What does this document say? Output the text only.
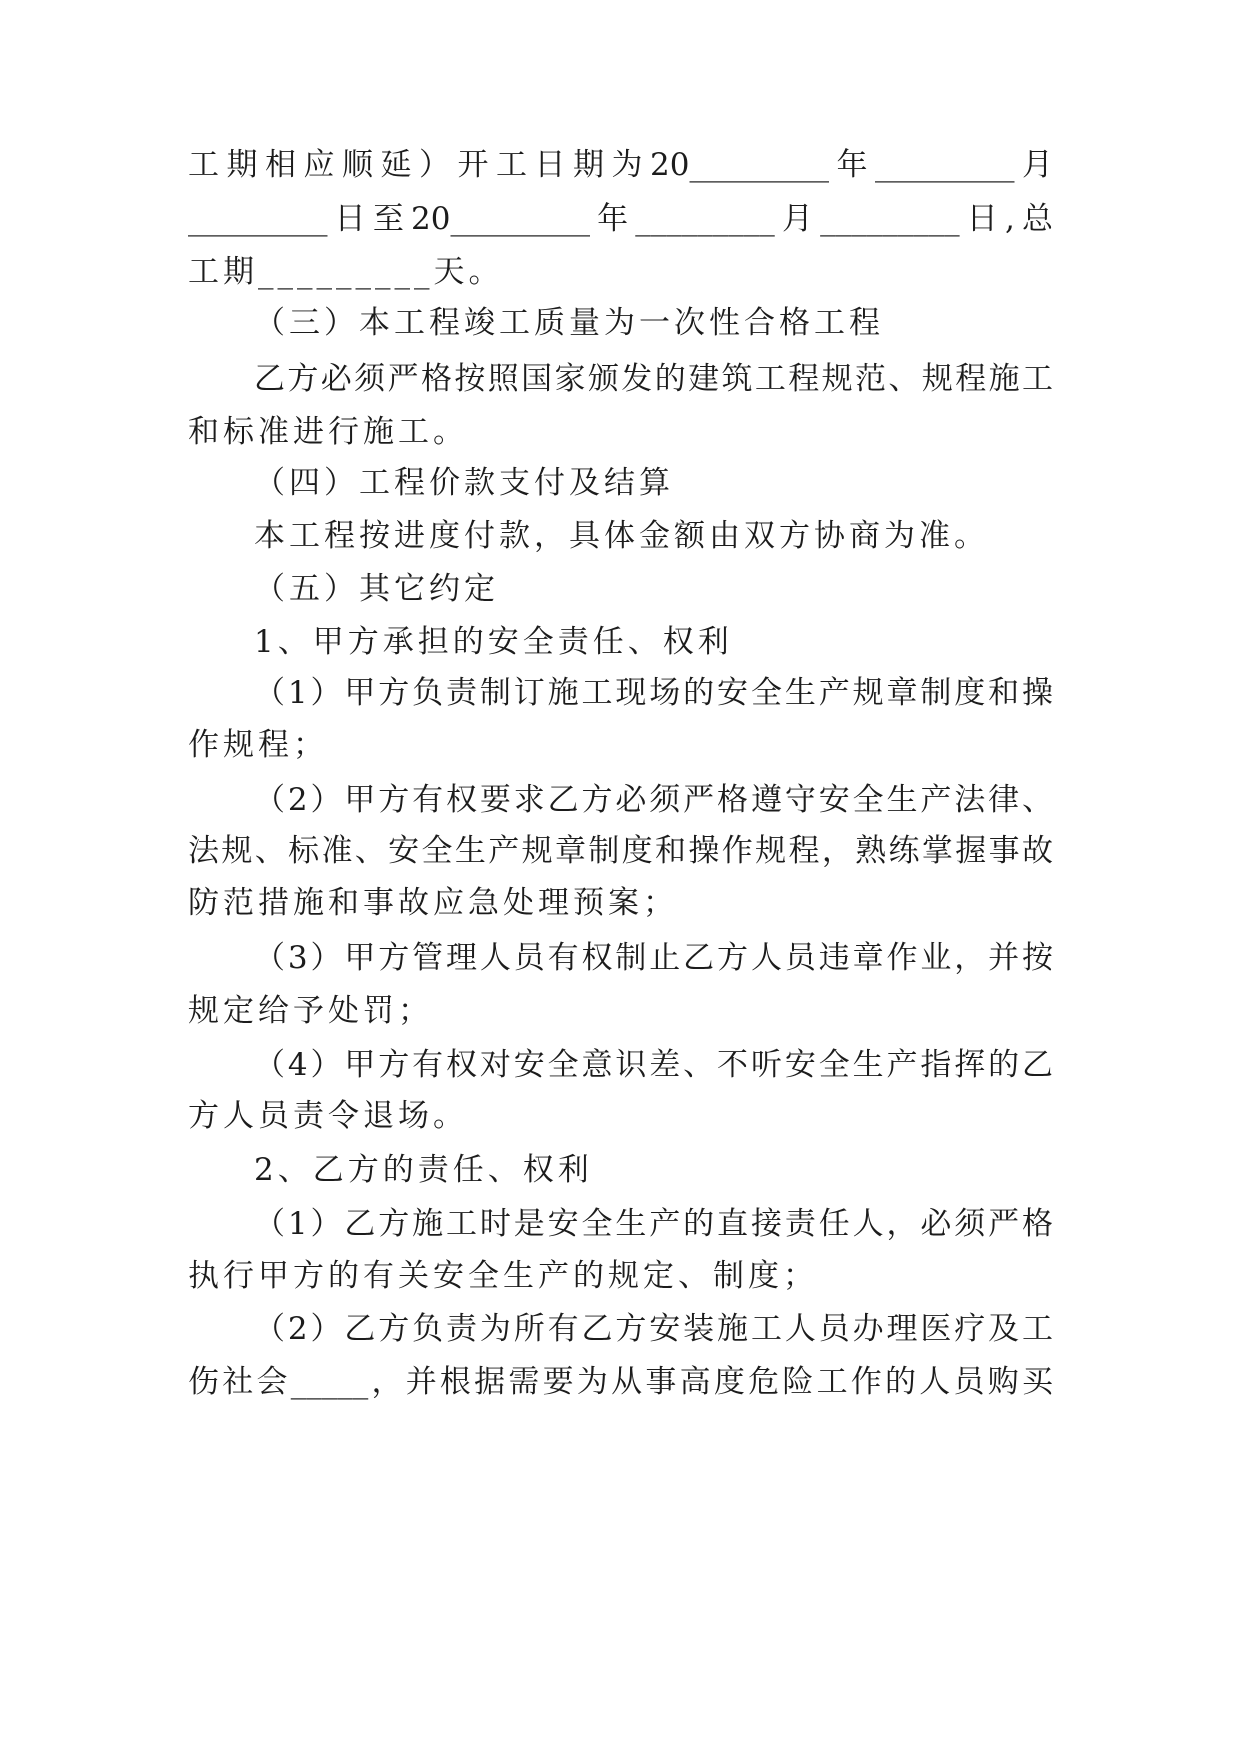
工期相应顺延）开工日期为20_________年_________月
_________日至20_________年_________月_________日,总
工期_________天。
（三）本工程竣工质量为一次性合格工程
乙方必须严格按照国家颁发的建筑工程规范、规程施工
和标准进行施工。
（四）工程价款支付及结算
本工程按进度付款，具体金额由双方协商为准。
（五）其它约定
1、甲方承担的安全责任、权利
（1）甲方负责制订施工现场的安全生产规章制度和操
作规程；
（2）甲方有权要求乙方必须严格遵守安全生产法律、
法规、标准、安全生产规章制度和操作规程，熟练掌握事故
防范措施和事故应急处理预案；
（3）甲方管理人员有权制止乙方人员违章作业，并按
规定给予处罚；
（4）甲方有权对安全意识差、不听安全生产指挥的乙
方人员责令退场。
2、乙方的责任、权利
（1）乙方施工时是安全生产的直接责任人，必须严格
执行甲方的有关安全生产的规定、制度；
（2）乙方负责为所有乙方安装施工人员办理医疗及工
伤社会_____，并根据需要为从事高度危险工作的人员购买
